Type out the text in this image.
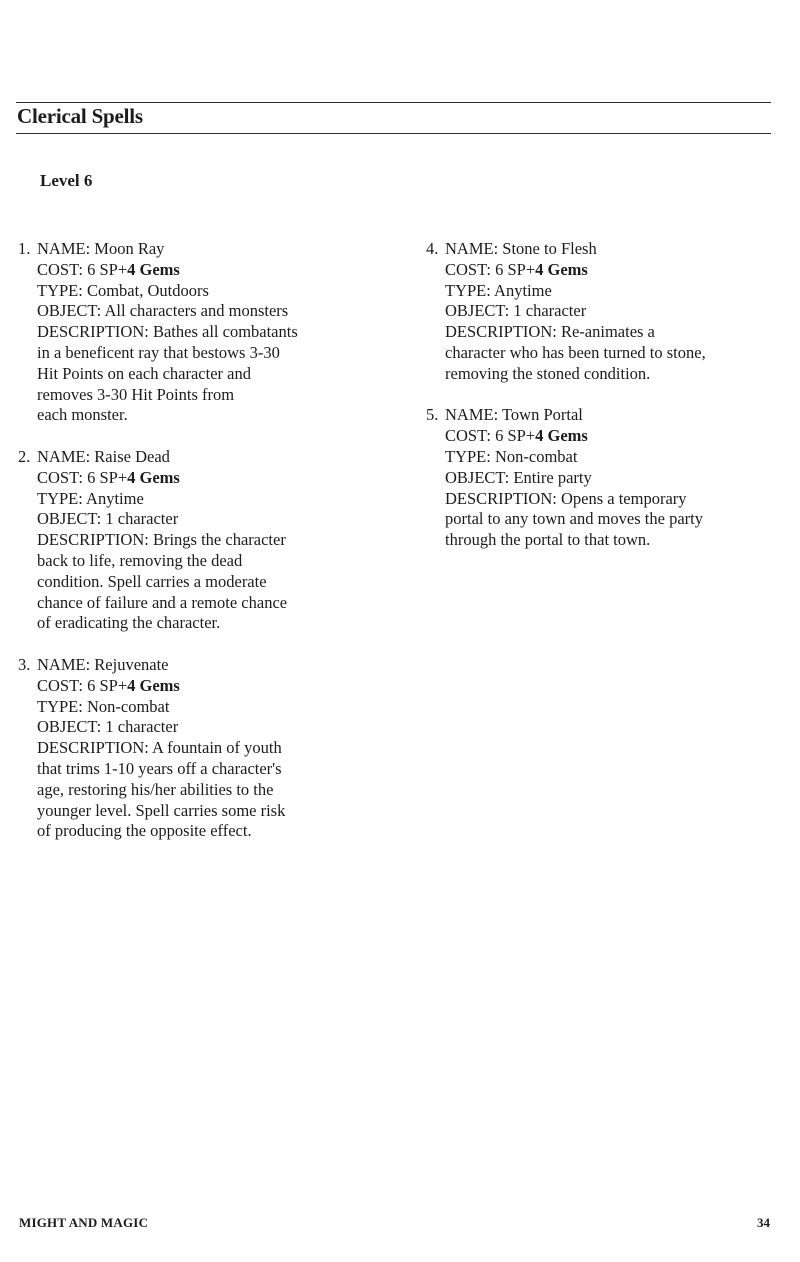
Clerical Spells
Level 6
1. NAME: Moon Ray
COST: 6 SP+4 Gems
TYPE: Combat, Outdoors
OBJECT: All characters and monsters
DESCRIPTION: Bathes all combatants
in a beneficent ray that bestows 3-30
Hit Points on each character and
removes 3-30 Hit Points from
each monster.
2. NAME: Raise Dead
COST: 6 SP+4 Gems
TYPE: Anytime
OBJECT: 1 character
DESCRIPTION: Brings the character
back to life, removing the dead
condition. Spell carries a moderate
chance of failure and a remote chance
of eradicating the character.
3. NAME: Rejuvenate
COST: 6 SP+4 Gems
TYPE: Non-combat
OBJECT: 1 character
DESCRIPTION: A fountain of youth
that trims 1-10 years off a character's
age, restoring his/her abilities to the
younger level. Spell carries some risk
of producing the opposite effect.
4. NAME: Stone to Flesh
COST: 6 SP+4 Gems
TYPE: Anytime
OBJECT: 1 character
DESCRIPTION: Re-animates a
character who has been turned to stone,
removing the stoned condition.
5. NAME: Town Portal
COST: 6 SP+4 Gems
TYPE: Non-combat
OBJECT: Entire party
DESCRIPTION: Opens a temporary
portal to any town and moves the party
through the portal to that town.
MIGHT AND MAGIC	34
